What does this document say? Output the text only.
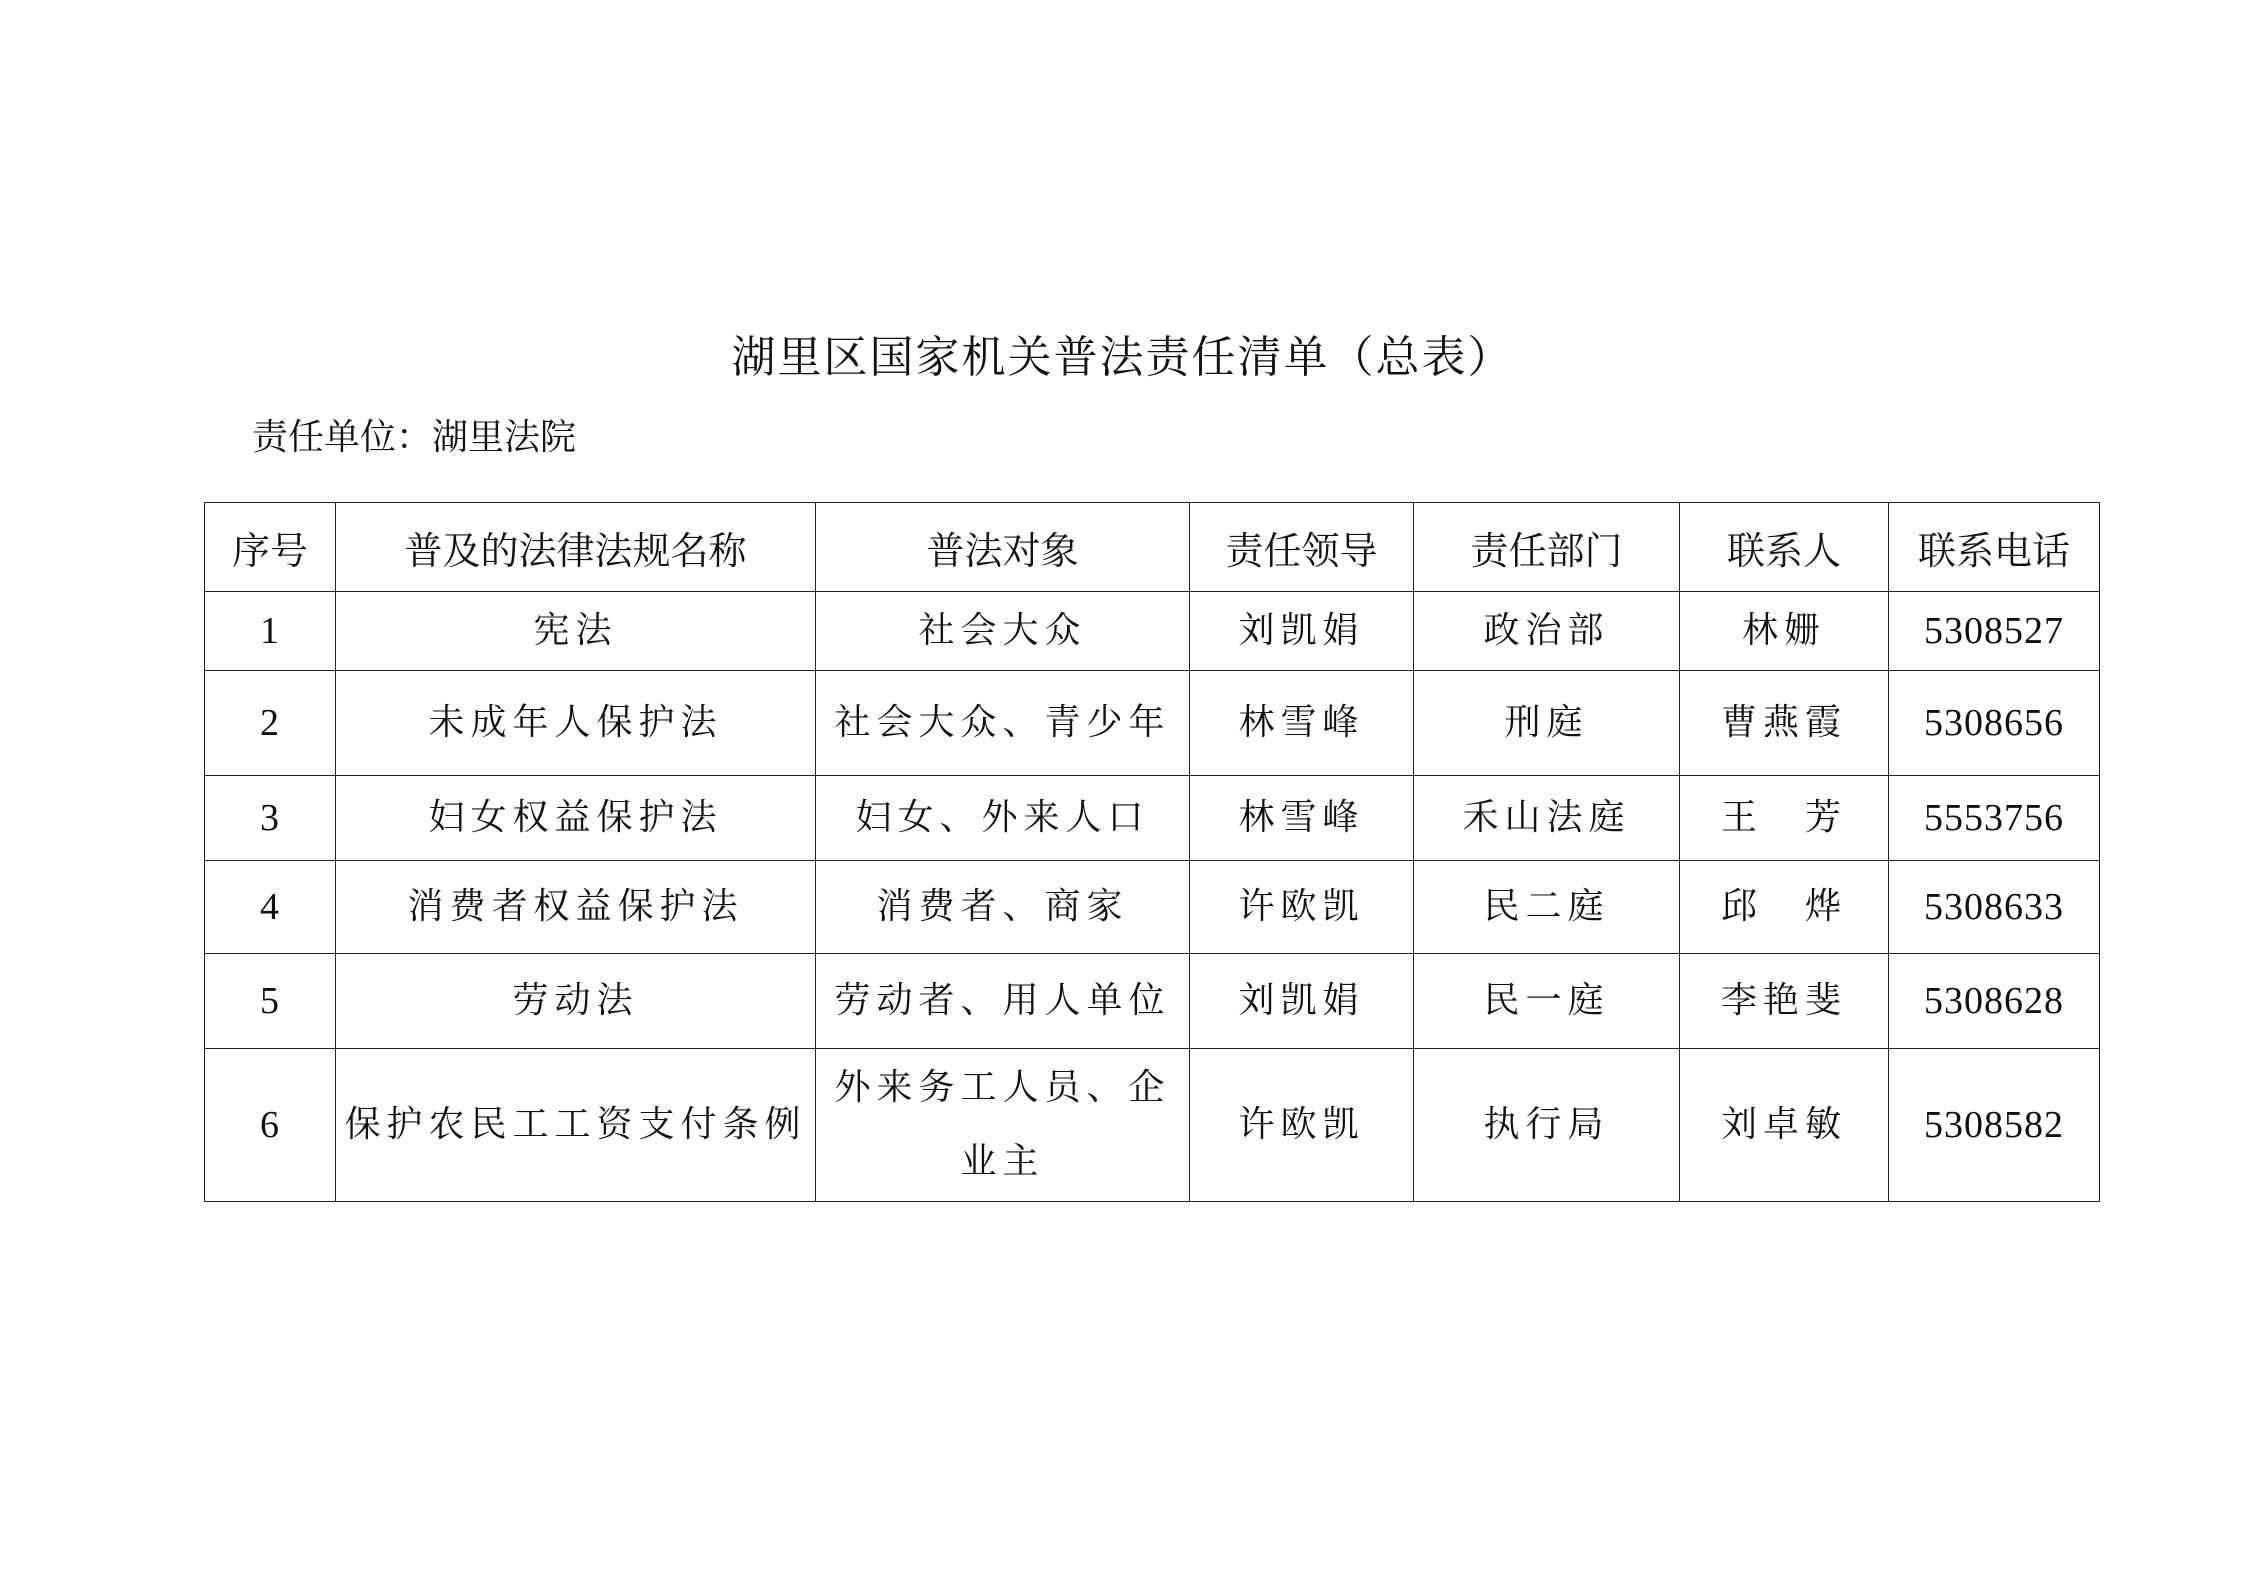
湖里区国家机关普法责任清单（总表）
责任单位：湖里法院
序号	普及的法律法规名称	普法对象	责任领导	责任部门	联系人	联系电话
1	宪法	社会大众	刘凯娟	政治部	林姗	5308527
2	未成年人保护法	社会大众、青少年	林雪峰	刑庭	曹燕霞	5308656
3	妇女权益保护法	妇女、外来人口	林雪峰	禾山法庭	王　芳	5553756
4	消费者权益保护法	消费者、商家	许欧凯	民二庭	邱　烨	5308633
5	劳动法	劳动者、用人单位	刘凯娟	民一庭	李艳斐	5308628
6	保护农民工工资支付条例	外来务工人员、企业主	许欧凯	执行局	刘卓敏	5308582
